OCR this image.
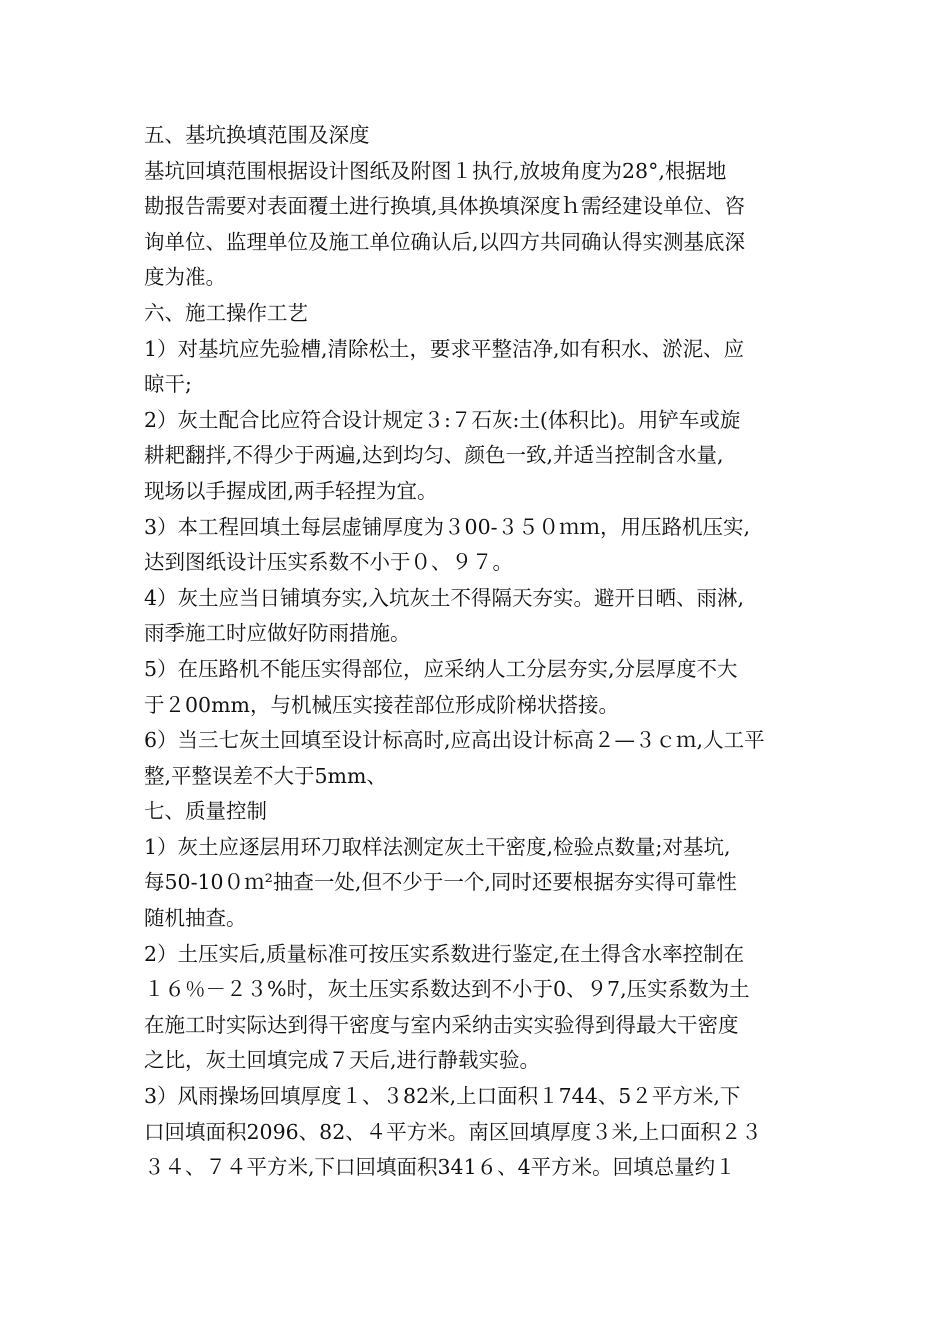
五、基坑换填范围及深度
基坑回填范围根据设计图纸及附图１执行,放坡角度为28°,根据地
勘报告需要对表面覆土进行换填,具体换填深度ｈ需经建设单位、咨
询单位、监理单位及施工单位确认后,以四方共同确认得实测基底深
度为准。
六、施工操作工艺
1）对基坑应先验槽,清除松土，要求平整洁净,如有积水、淤泥、应
晾干;
2）灰土配合比应符合设计规定３:７石灰:土(体积比)。用铲车或旋
耕耙翻拌,不得少于两遍,达到均匀、颜色一致,并适当控制含水量,
现场以手握成团,两手轻捏为宜。
3）本工程回填土每层虚铺厚度为３00-３５０ｍｍ，用压路机压实,
达到图纸设计压实系数不小于０、９７。
4）灰土应当日铺填夯实,入坑灰土不得隔天夯实。避开日晒、雨淋,
雨季施工时应做好防雨措施。
5）在压路机不能压实得部位，应采纳人工分层夯实,分层厚度不大
于２00mm，与机械压实接茬部位形成阶梯状搭接。
6）当三七灰土回填至设计标高时,应高出设计标高２—３ｃｍ,人工平
整,平整误差不大于5mm、
七、质量控制
1）灰土应逐层用环刀取样法测定灰土干密度,检验点数量;对基坑,
每50-10０ｍ²抽查一处,但不少于一个,同时还要根据夯实得可靠性
随机抽查。
2）土压实后,质量标准可按压实系数进行鉴定,在土得含水率控制在
１６％－２３%时，灰土压实系数达到不小于0、９7,压实系数为土
在施工时实际达到得干密度与室内采纳击实实验得到得最大干密度
之比，灰土回填完成７天后,进行静载实验。
3）风雨操场回填厚度１、３82米,上口面积１744、5２平方米,下
口回填面积2096、82、４平方米。南区回填厚度３米,上口面积２３
３４、７４平方米,下口回填面积341６、4平方米。回填总量约１
